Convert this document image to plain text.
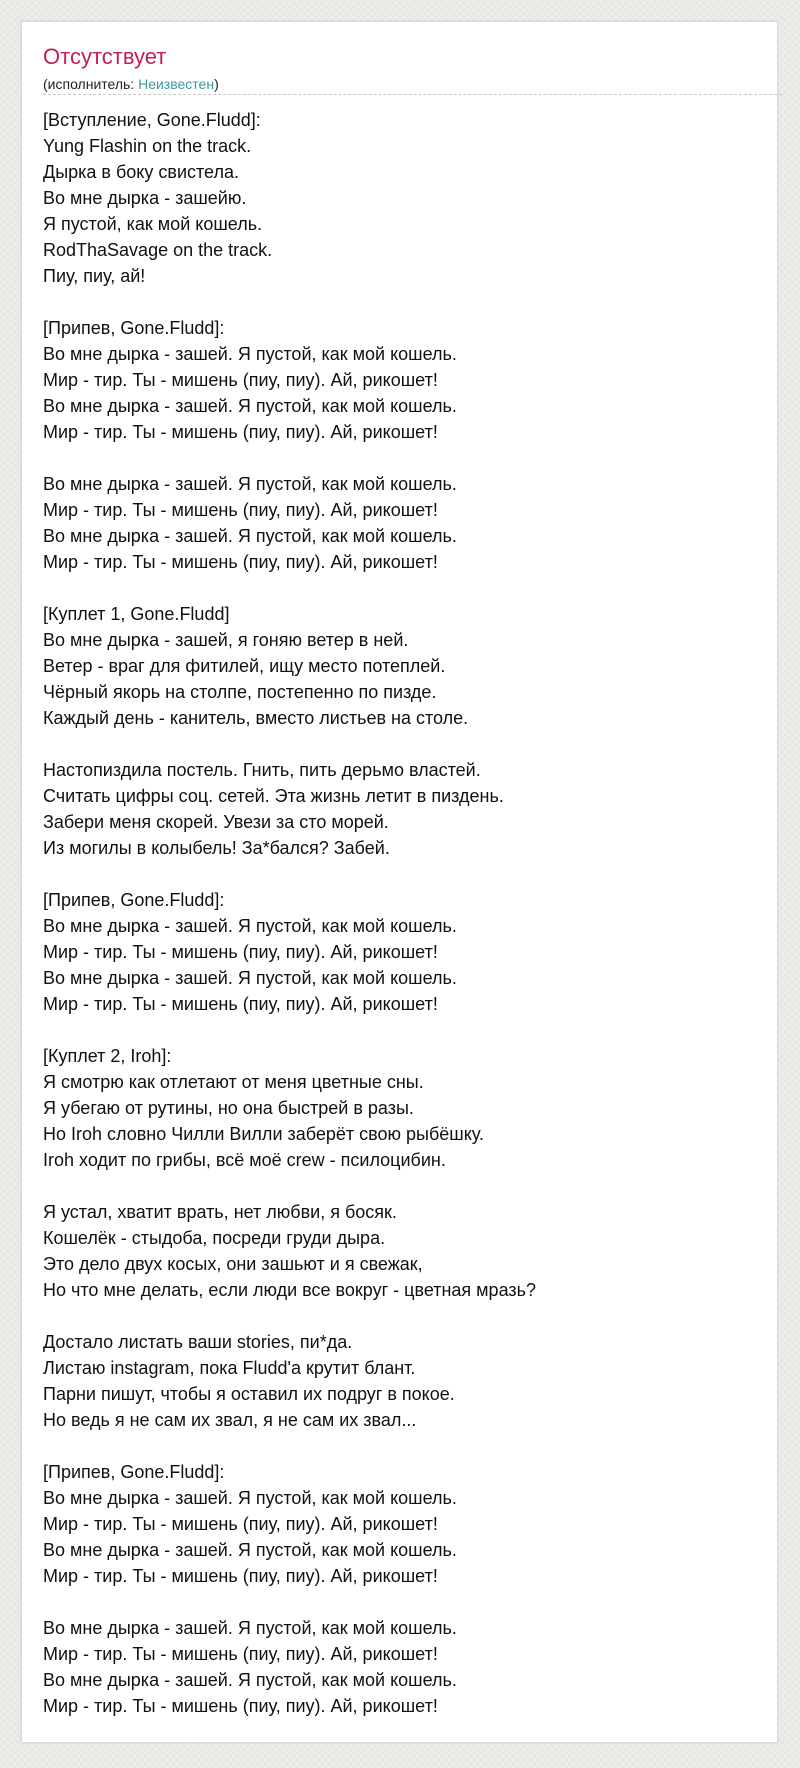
Отсутствует
(исполнитель: Неизвестен)
[Вступление, Gone.Fludd]:
Yung Flashin on the track.
Дырка в боку свистела.
Во мне дырка - зашейю.
Я пустой, как мой кошель.
RodThaSavage on the track.
Пиу, пиу, ай!
[Припев, Gone.Fludd]:
Во мне дырка - зашей. Я пустой, как мой кошель.
Мир - тир. Ты - мишень (пиу, пиу). Ай, рикошет!
Во мне дырка - зашей. Я пустой, как мой кошель.
Мир - тир. Ты - мишень (пиу, пиу). Ай, рикошет!
Во мне дырка - зашей. Я пустой, как мой кошель.
Мир - тир. Ты - мишень (пиу, пиу). Ай, рикошет!
Во мне дырка - зашей. Я пустой, как мой кошель.
Мир - тир. Ты - мишень (пиу, пиу). Ай, рикошет!
[Куплет 1, Gone.Fludd]
Во мне дырка - зашей, я гоняю ветер в ней.
Ветер - враг для фитилей, ищу место потеплей.
Чёрный якорь на столпе, постепенно по пизде.
Каждый день - канитель, вместо листьев на столе.
Настопиздила постель. Гнить, пить дерьмо властей.
Считать цифры соц. сетей. Эта жизнь летит в пиздень.
Забери меня скорей. Увези за сто морей.
Из могилы в колыбель! За*бался? Забей.
[Припев, Gone.Fludd]:
Во мне дырка - зашей. Я пустой, как мой кошель.
Мир - тир. Ты - мишень (пиу, пиу). Ай, рикошет!
Во мне дырка - зашей. Я пустой, как мой кошель.
Мир - тир. Ты - мишень (пиу, пиу). Ай, рикошет!
[Куплет 2, Iroh]:
Я смотрю как отлетают от меня цветные сны.
Я убегаю от рутины, но она быстрей в разы.
Но Iroh словно Чилли Вилли заберёт свою рыбёшку.
Iroh ходит по грибы, всё моё crew - псилоцибин.
Я устал, хватит врать, нет любви, я босяк.
Кошелёк - стыдоба, посреди груди дыра.
Это дело двух косых, они зашьют и я свежак,
Но что мне делать, если люди все вокруг - цветная мразь?
Достало листать ваши stories, пи*да.
Листаю instagram, пока Fludd'a крутит блант.
Парни пишут, чтобы я оставил их подруг в покое.
Но ведь я не сам их звал, я не сам их звал...
[Припев, Gone.Fludd]:
Во мне дырка - зашей. Я пустой, как мой кошель.
Мир - тир. Ты - мишень (пиу, пиу). Ай, рикошет!
Во мне дырка - зашей. Я пустой, как мой кошель.
Мир - тир. Ты - мишень (пиу, пиу). Ай, рикошет!
Во мне дырка - зашей. Я пустой, как мой кошель.
Мир - тир. Ты - мишень (пиу, пиу). Ай, рикошет!
Во мне дырка - зашей. Я пустой, как мой кошель.
Мир - тир. Ты - мишень (пиу, пиу). Ай, рикошет!
